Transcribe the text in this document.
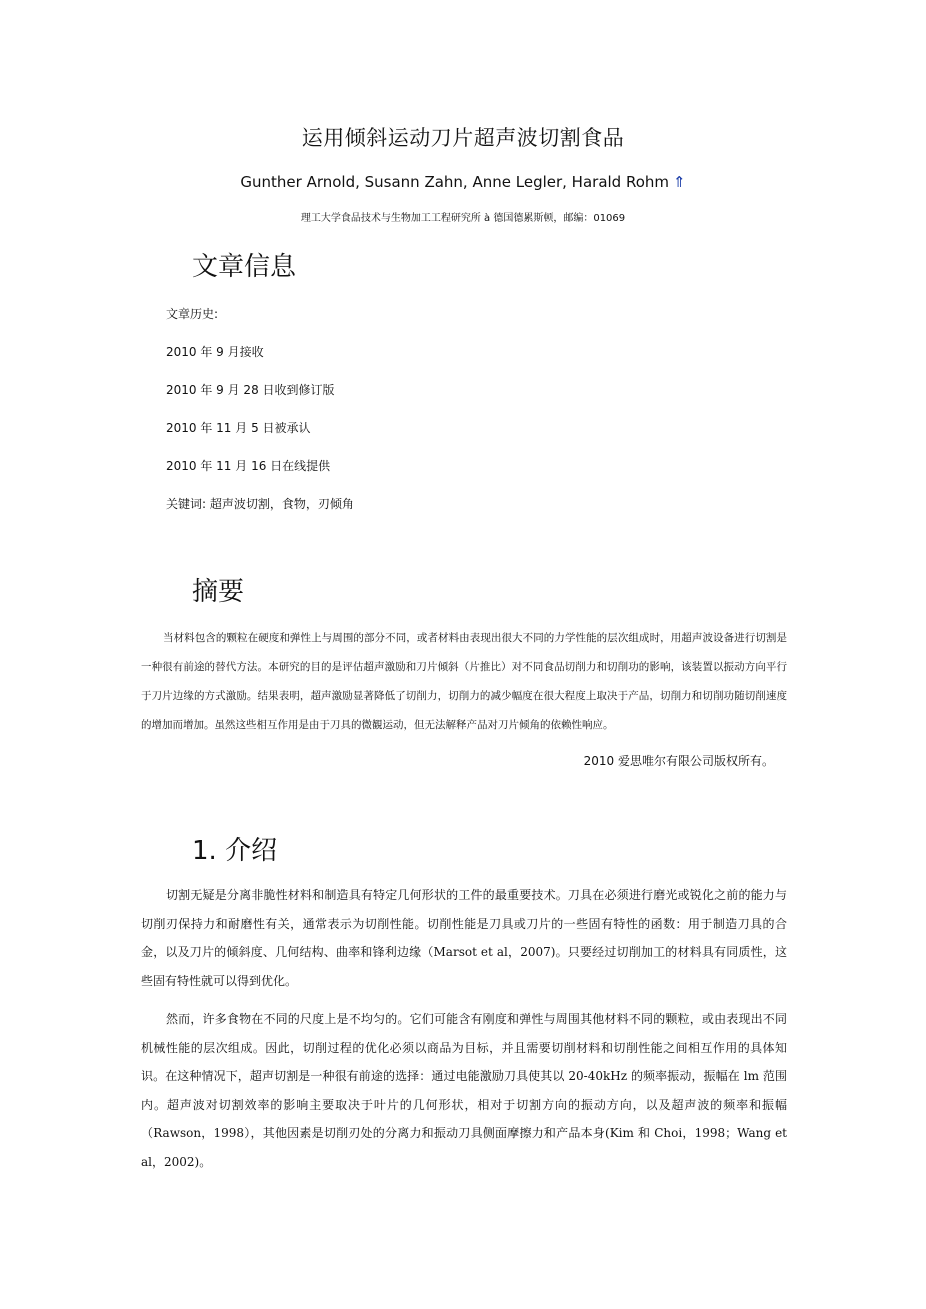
运用倾斜运动刀片超声波切割食品
Gunther Arnold, Susann Zahn, Anne Legler, Harald Rohm ⇑
理工大学食品技术与生物加工工程研究所 à 德国德累斯顿，邮编：01069
文章信息
文章历史:
2010 年 9 月接收
2010 年 9 月 28 日收到修订版
2010 年 11 月 5 日被承认
2010 年 11 月 16 日在线提供
关键词: 超声波切割，食物，刃倾角
摘要
当材料包含的颗粒在硬度和弹性上与周围的部分不同，或者材料由表现出很大不同的力学性能的层次组成时，用超声波设备进行切割是一种很有前途的替代方法。本研究的目的是评估超声激励和刀片倾斜（片推比）对不同食品切削力和切削功的影响，该装置以振动方向平行于刀片边缘的方式激励。结果表明，超声激励显著降低了切削力，切削力的减少幅度在很大程度上取决于产品，切削力和切削功随切削速度的增加而增加。虽然这些相互作用是由于刀具的微観运动，但无法解释产品对刀片倾角的依赖性响应。
2010 爱思唯尔有限公司版权所有。
1. 介绍
切割无疑是分离非脆性材料和制造具有特定几何形状的工件的最重要技术。刀具在必须进行磨光或锐化之前的能力与切削刃保持力和耐磨性有关，通常表示为切削性能。切削性能是刀具或刀片的一些固有特性的函数：用于制造刀具的合金，以及刀片的倾斜度、几何结构、曲率和锋利边缘（Marsot et al，2007)。只要经过切削加工的材料具有同质性，这些固有特性就可以得到优化。
然而，许多食物在不同的尺度上是不均匀的。它们可能含有刚度和弹性与周围其他材料不同的颗粒，或由表现出不同机械性能的层次组成。因此，切削过程的优化必须以商品为目标，并且需要切削材料和切削性能之间相互作用的具体知识。在这种情况下，超声切割是一种很有前途的选择：通过电能激励刀具使其以 20-40kHz 的频率振动，振幅在 lm 范围内。超声波对切割效率的影响主要取决于叶片的几何形状，相对于切割方向的振动方向，以及超声波的频率和振幅（Rawson，1998），其他因素是切削刃处的分离力和振动刀具侧面摩擦力和产品本身(Kim 和 Choi，1998；Wang et al，2002)。
